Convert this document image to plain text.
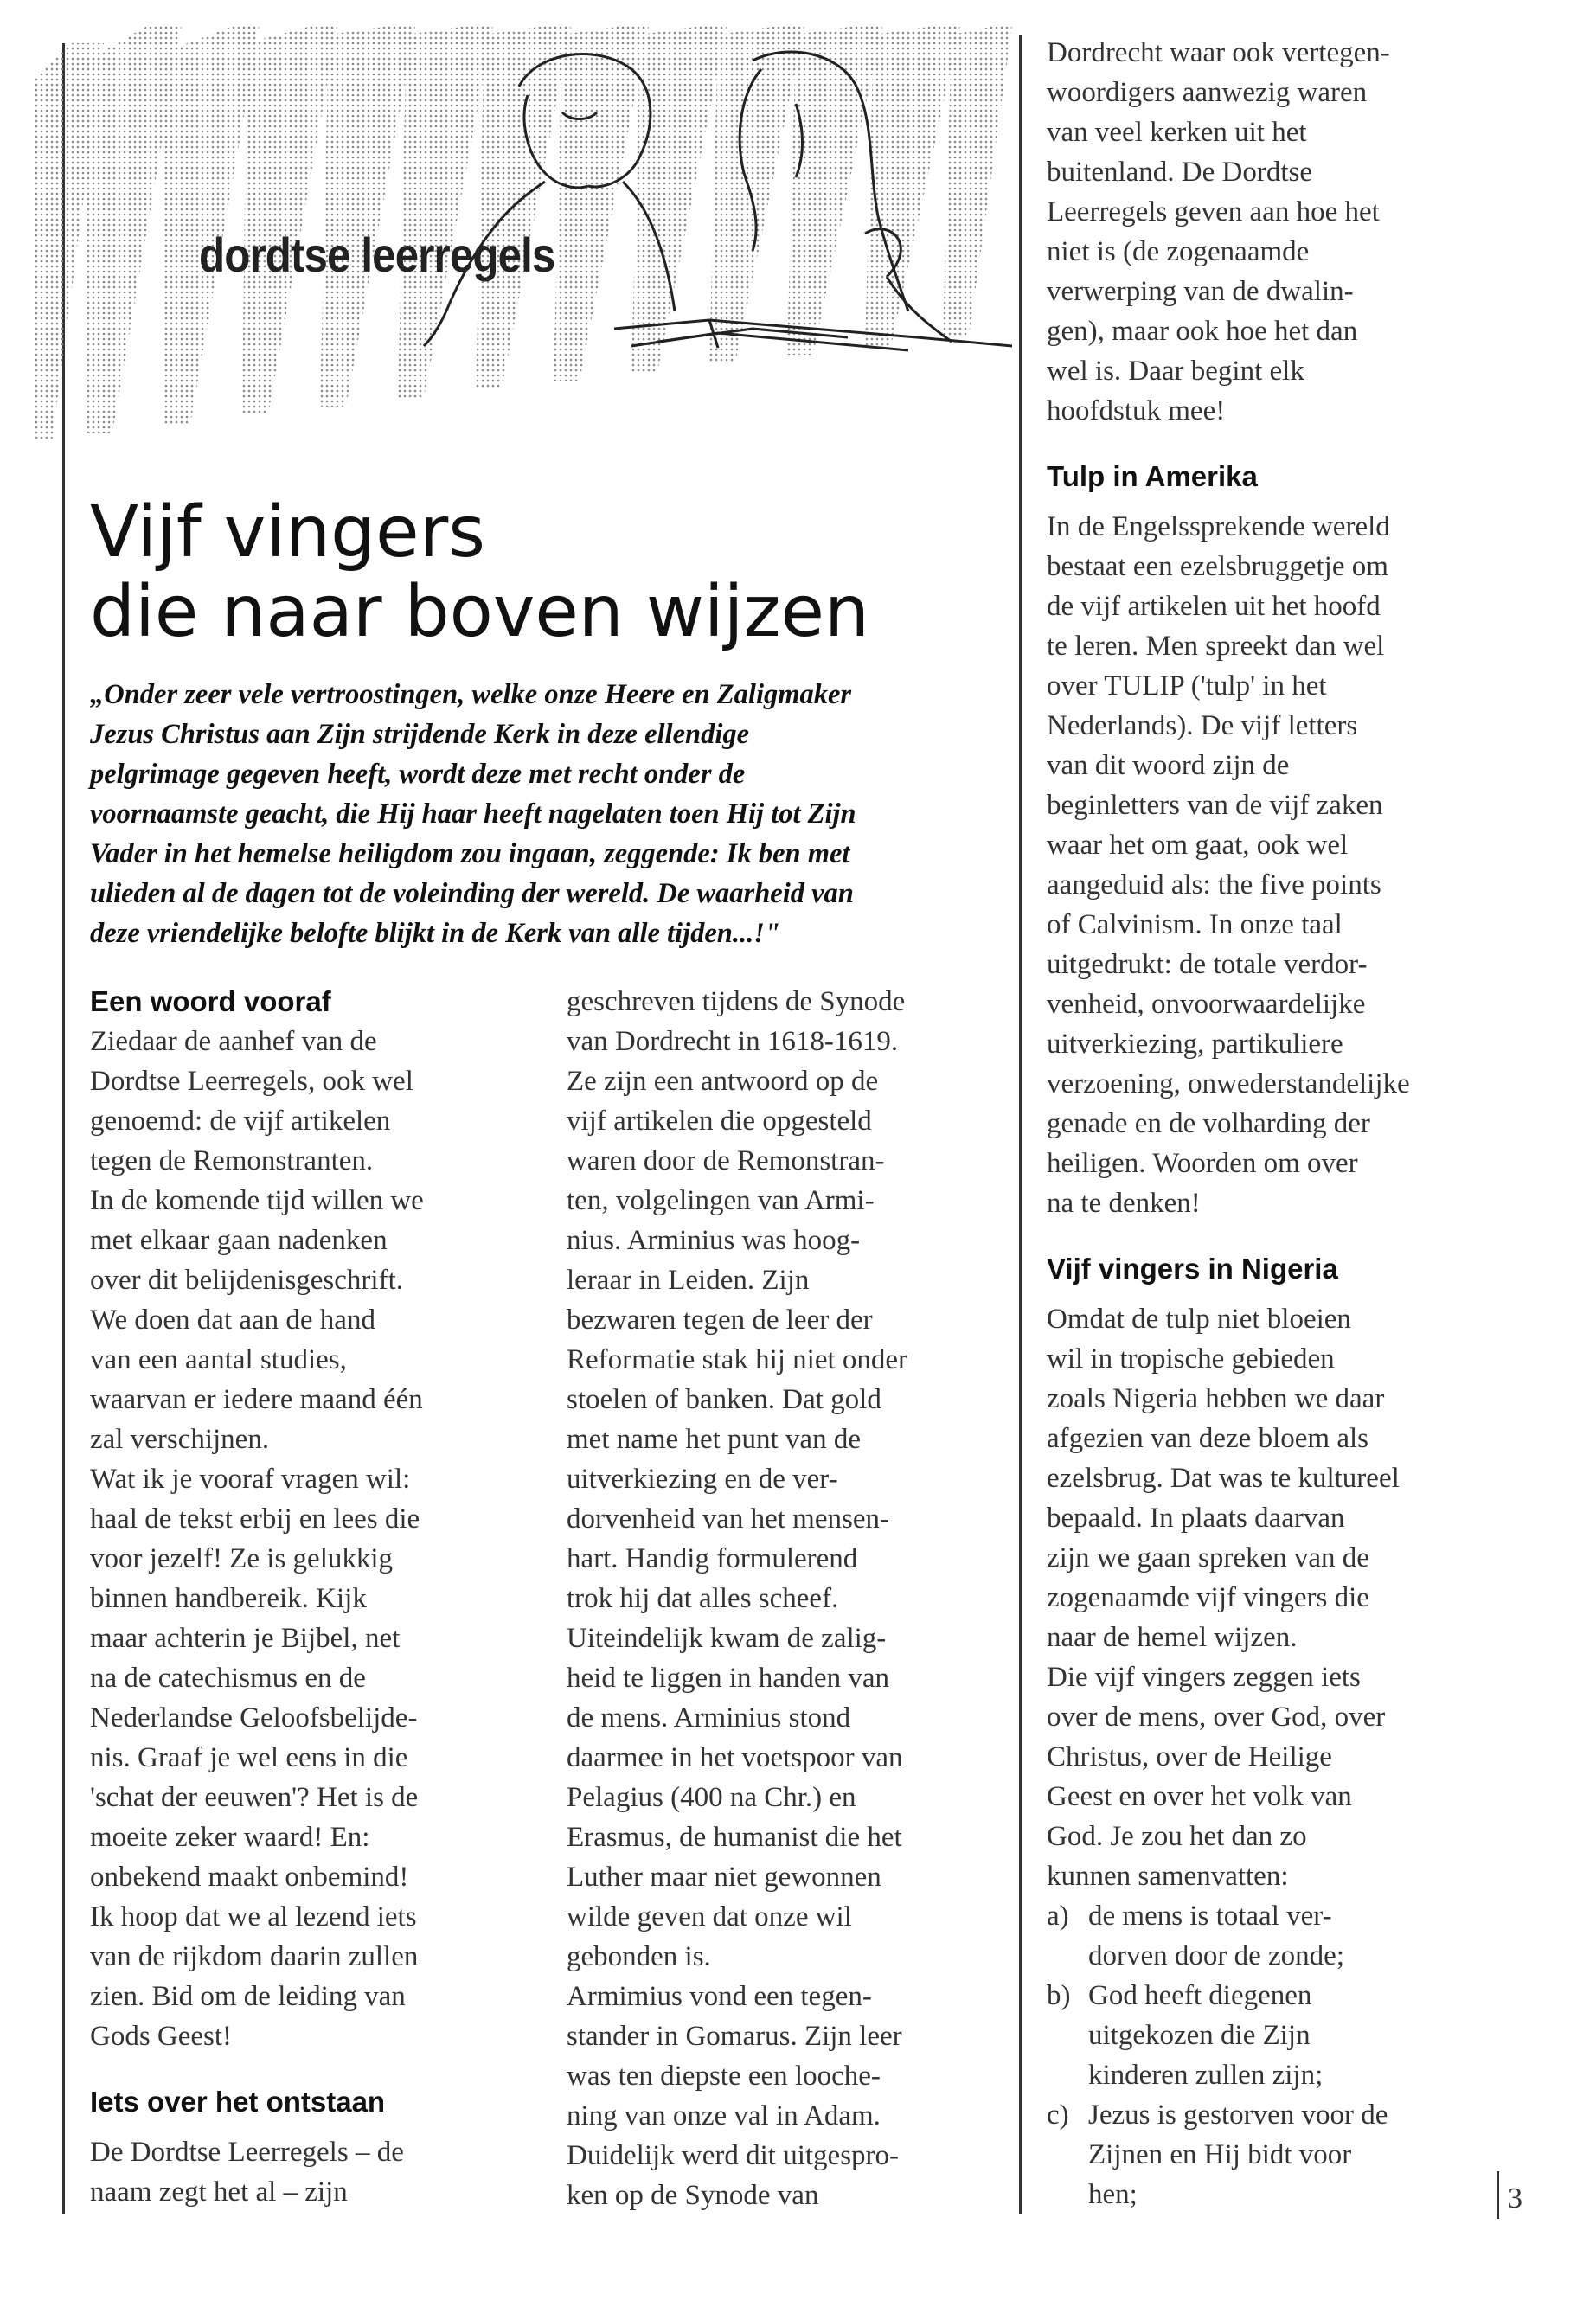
dordtse leerregels
Vijf vingers
die naar boven wijzen
„Onder zeer vele vertroostingen, welke onze Heere en Zaligmaker
Jezus Christus aan Zijn strijdende Kerk in deze ellendige
pelgrimage gegeven heeft, wordt deze met recht onder de
voornaamste geacht, die Hij haar heeft nagelaten toen Hij tot Zijn
Vader in het hemelse heiligdom zou ingaan, zeggende: Ik ben met
ulieden al de dagen tot de voleinding der wereld. De waarheid van
deze vriendelijke belofte blijkt in de Kerk van alle tijden...!"
Een woord vooraf
Ziedaar de aanhef van de
Dordtse Leerregels, ook wel
genoemd: de vijf artikelen
tegen de Remonstranten.
In de komende tijd willen we
met elkaar gaan nadenken
over dit belijdenisgeschrift.
We doen dat aan de hand
van een aantal studies,
waarvan er iedere maand één
zal verschijnen.
Wat ik je vooraf vragen wil:
haal de tekst erbij en lees die
voor jezelf! Ze is gelukkig
binnen handbereik. Kijk
maar achterin je Bijbel, net
na de catechismus en de
Nederlandse Geloofsbelijde-
nis. Graaf je wel eens in die
'schat der eeuwen'? Het is de
moeite zeker waard! En:
onbekend maakt onbemind!
Ik hoop dat we al lezend iets
van de rijkdom daarin zullen
zien. Bid om de leiding van
Gods Geest!
Iets over het ontstaan
De Dordtse Leerregels – de
naam zegt het al – zijn
geschreven tijdens de Synode
van Dordrecht in 1618-1619.
Ze zijn een antwoord op de
vijf artikelen die opgesteld
waren door de Remonstran-
ten, volgelingen van Armi-
nius. Arminius was hoog-
leraar in Leiden. Zijn
bezwaren tegen de leer der
Reformatie stak hij niet onder
stoelen of banken. Dat gold
met name het punt van de
uitverkiezing en de ver-
dorvenheid van het mensen-
hart. Handig formulerend
trok hij dat alles scheef.
Uiteindelijk kwam de zalig-
heid te liggen in handen van
de mens. Arminius stond
daarmee in het voetspoor van
Pelagius (400 na Chr.) en
Erasmus, de humanist die het
Luther maar niet gewonnen
wilde geven dat onze wil
gebonden is.
Armimius vond een tegen-
stander in Gomarus. Zijn leer
was ten diepste een looche-
ning van onze val in Adam.
Duidelijk werd dit uitgespro-
ken op de Synode van
Dordrecht waar ook vertegen-
woordigers aanwezig waren
van veel kerken uit het
buitenland. De Dordtse
Leerregels geven aan hoe het
niet is (de zogenaamde
verwerping van de dwalin-
gen), maar ook hoe het dan
wel is. Daar begint elk
hoofdstuk mee!
Tulp in Amerika
In de Engelssprekende wereld
bestaat een ezelsbruggetje om
de vijf artikelen uit het hoofd
te leren. Men spreekt dan wel
over TULIP ('tulp' in het
Nederlands). De vijf letters
van dit woord zijn de
beginletters van de vijf zaken
waar het om gaat, ook wel
aangeduid als: the five points
of Calvinism. In onze taal
uitgedrukt: de totale verdor-
venheid, onvoorwaardelijke
uitverkiezing, partikuliere
verzoening, onwederstandelijke
genade en de volharding der
heiligen. Woorden om over
na te denken!
Vijf vingers in Nigeria
Omdat de tulp niet bloeien
wil in tropische gebieden
zoals Nigeria hebben we daar
afgezien van deze bloem als
ezelsbrug. Dat was te kultureel
bepaald. In plaats daarvan
zijn we gaan spreken van de
zogenaamde vijf vingers die
naar de hemel wijzen.
Die vijf vingers zeggen iets
over de mens, over God, over
Christus, over de Heilige
Geest en over het volk van
God. Je zou het dan zo
kunnen samenvatten:
a) de mens is totaal ver-
dorven door de zonde;
b) God heeft diegenen
uitgekozen die Zijn
kinderen zullen zijn;
c) Jezus is gestorven voor de
Zijnen en Hij bidt voor
hen;	3
